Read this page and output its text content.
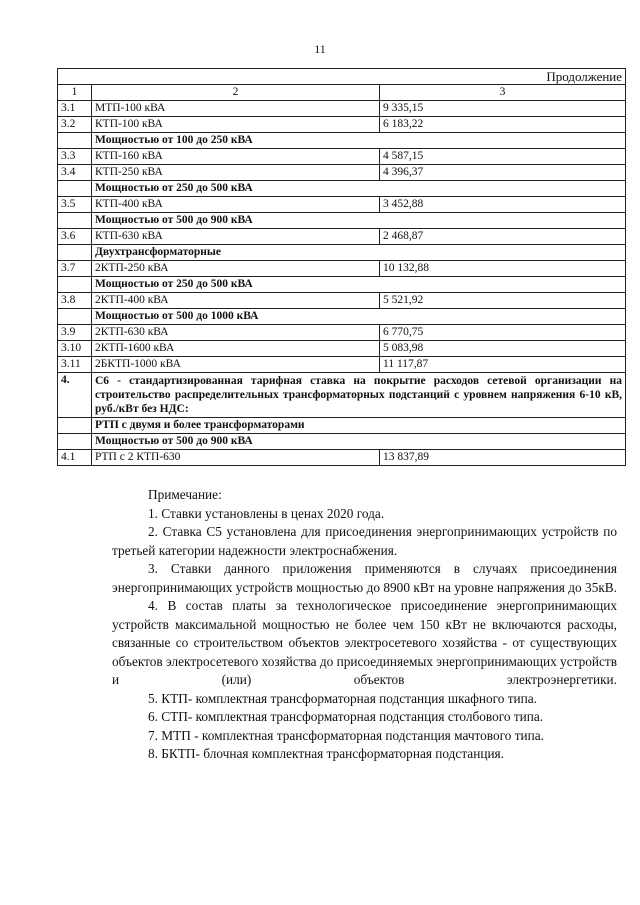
11
Продолжение		
1	2	3
3.1	МТП-100 кВА	9 335,15
3.2	КТП-100 кВА	6 183,22
	Мощностью от 100 до 250 кВА	
3.3	КТП-160 кВА	4 587,15
3.4	КТП-250 кВА	4 396,37
	Мощностью от 250 до 500 кВА	
3.5	КТП-400 кВА	3 452,88
	Мощностью от 500 до 900 кВА	
3.6	КТП-630 кВА	2 468,87
	Двухтрансформаторные	
3.7	2КТП-250 кВА	10 132,88
	Мощностью от 250 до 500 кВА	
3.8	2КТП-400 кВА	5 521,92
	Мощностью от 500 до 1000 кВА	
3.9	2КТП-630 кВА	6 770,75
3.10	2КТП-1600 кВА	5 083,98
3.11	2БКТП-1000 кВА	11 117,87
4.	С6 - стандартизированная тарифная ставка на покрытие расходов сетевой организации на строительство распределительных трансформаторных подстанций с уровнем напряжения 6-10 кВ, руб./кВт без НДС:	
	РТП с двумя и более трансформаторами	
	Мощностью от 500 до 900 кВА	
4.1	РТП с 2 КТП-630	13 837,89

Примечание:

1. Ставки установлены в ценах 2020 года.

2. Ставка С5 установлена для присоединения энергопринимающих устройств по третьей категории надежности электроснабжения.

3. Ставки данного приложения применяются в случаях присоединения энергопринимающих устройств мощностью до 8900 кВт на уровне напряжения до 35кВ.

4. В состав платы за технологическое присоединение энергопринимающих устройств максимальной мощностью не более чем 150 кВт не включаются расходы, связанные со строительством объектов электросетевого хозяйства - от существующих объектов электросетевого хозяйства до присоединяемых энергопринимающих устройств и (или) объектов электроэнергетики.

5. КТП- комплектная трансформаторная подстанция шкафного типа.

6. СТП- комплектная трансформаторная подстанция столбового типа.

7. МТП - комплектная трансформаторная подстанция мачтового типа.

8. БКТП- блочная комплектная трансформаторная подстанция.
